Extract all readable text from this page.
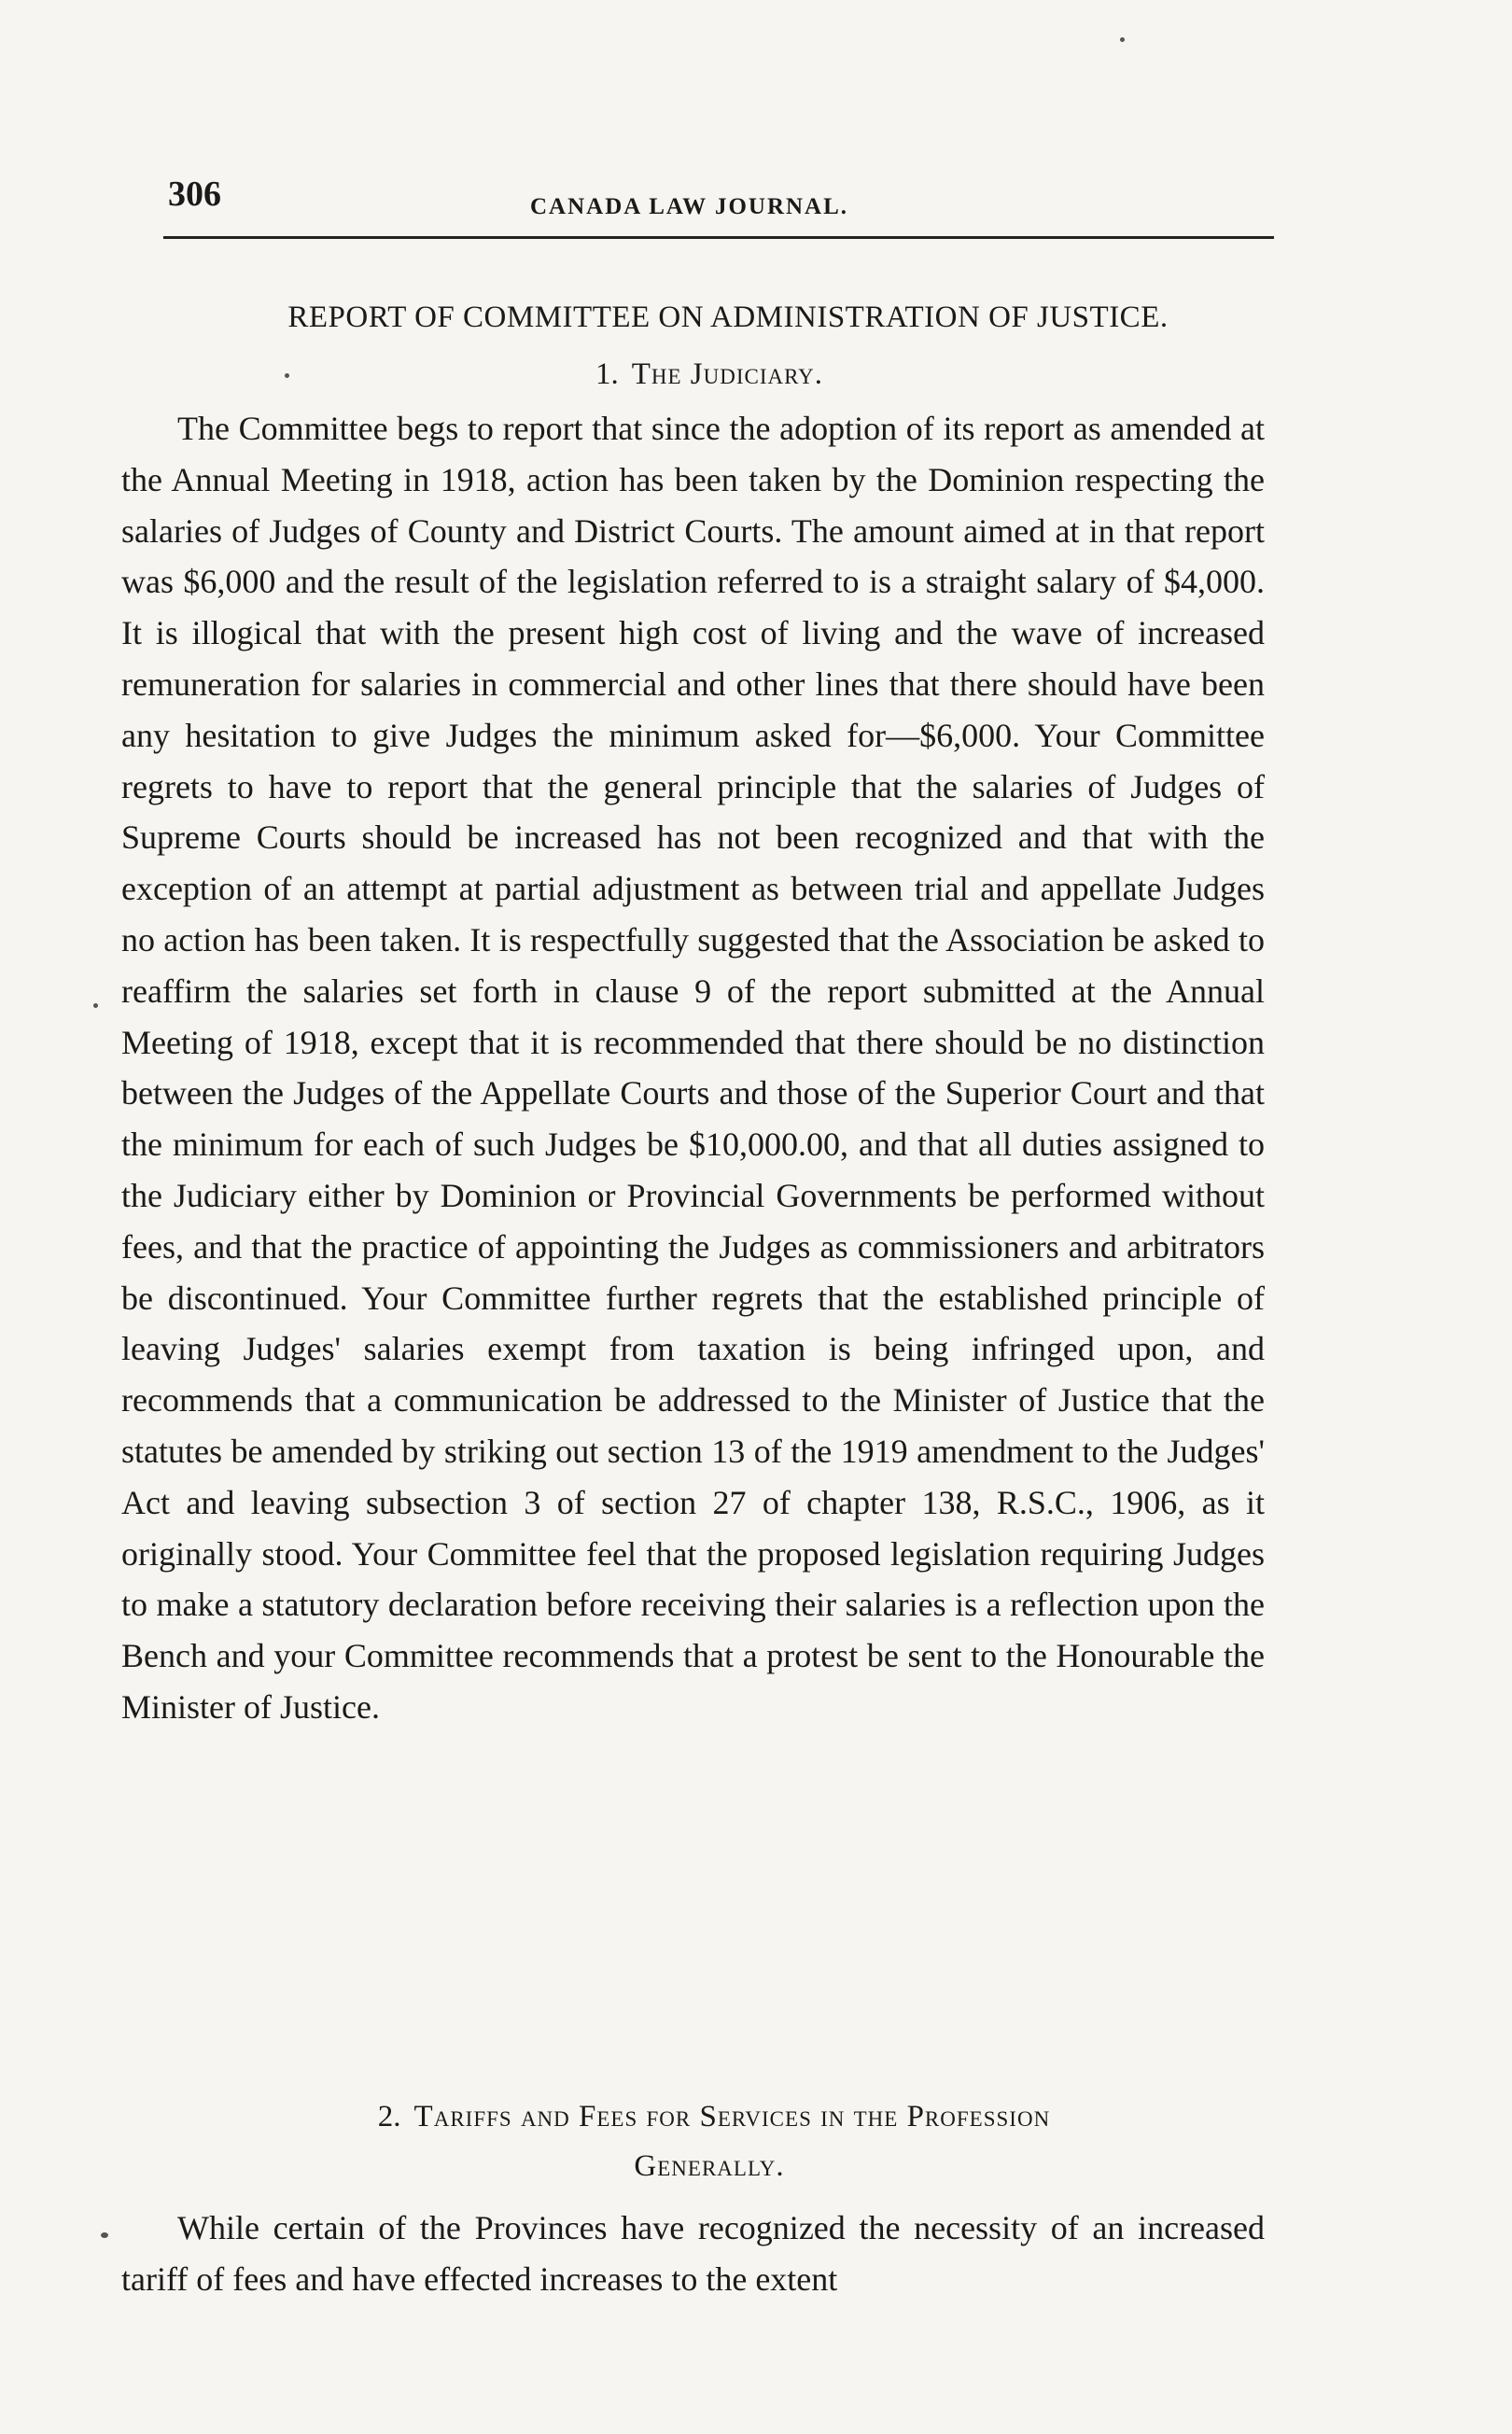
306	CANADA LAW JOURNAL.
REPORT OF COMMITTEE ON ADMINISTRATION OF JUSTICE.
1. The Judiciary.

The Committee begs to report that since the adoption of its report as amended at the Annual Meeting in 1918, action has been taken by the Dominion respecting the salaries of Judges of County and District Courts. The amount aimed at in that report was $6,000 and the result of the legislation referred to is a straight salary of $4,000. It is illogical that with the present high cost of living and the wave of increased remuneration for salaries in commercial and other lines that there should have been any hesitation to give Judges the minimum asked for—$6,000. Your Committee regrets to have to report that the general principle that the salaries of Judges of Supreme Courts should be increased has not been recognized and that with the exception of an attempt at partial adjustment as between trial and appellate Judges no action has been taken. It is respectfully suggested that the Association be asked to reaffirm the salaries set forth in clause 9 of the report submitted at the Annual Meeting of 1918, except that it is recommended that there should be no distinction between the Judges of the Appellate Courts and those of the Superior Court and that the minimum for each of such Judges be $10,000.00, and that all duties assigned to the Judiciary either by Dominion or Provincial Governments be performed without fees, and that the practice of appointing the Judges as commissioners and arbitrators be discontinued. Your Committee further regrets that the established principle of leaving Judges' salaries exempt from taxation is being infringed upon, and recommends that a communication be addressed to the Minister of Justice that the statutes be amended by striking out section 13 of the 1919 amendment to the Judges' Act and leaving subsection 3 of section 27 of chapter 138, R.S.C., 1906, as it originally stood. Your Committee feel that the proposed legislation requiring Judges to make a statutory declaration before receiving their salaries is a reflection upon the Bench and your Committee recommends that a protest be sent to the Honourable the Minister of Justice.

2. Tariffs and Fees for Services in the Profession
Generally.

While certain of the Provinces have recognized the necessity of an increased tariff of fees and have effected increases to the extent
